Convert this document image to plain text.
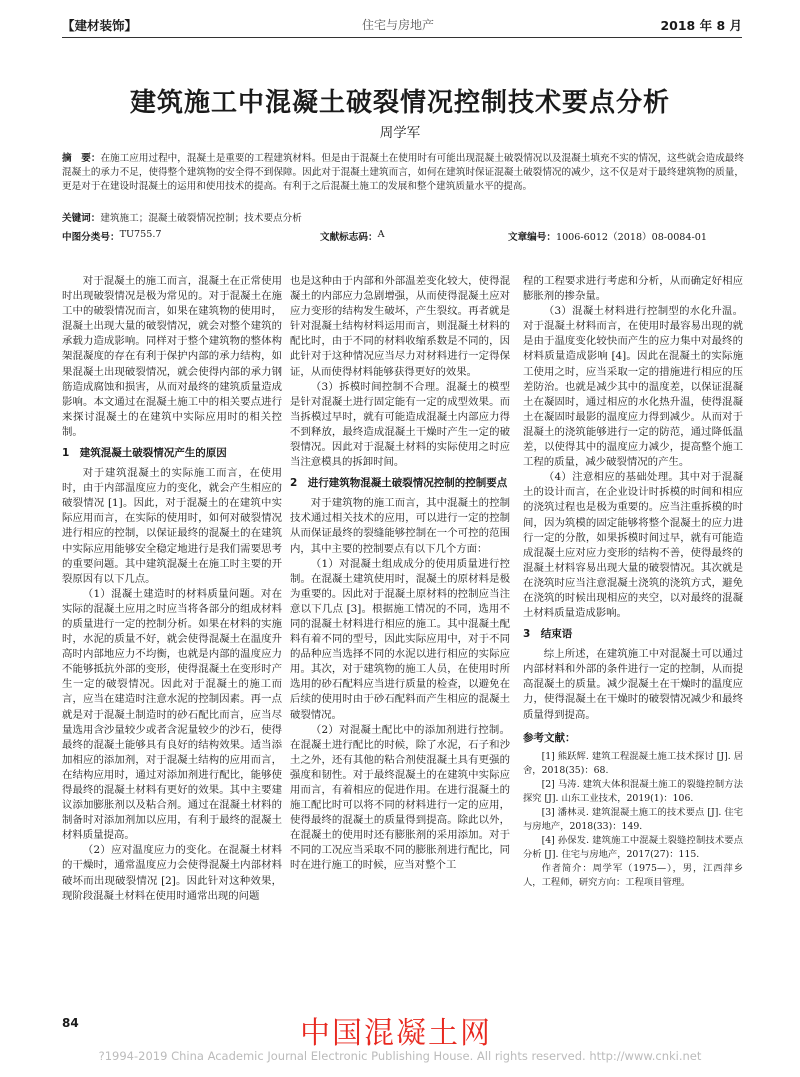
【建材装饰】	住宅与房地产	2018 年 8 月
建筑施工中混凝土破裂情况控制技术要点分析
周学军
摘　要：在施工应用过程中，混凝土是重要的工程建筑材料。但是由于混凝土在使用时有可能出现混凝土破裂情况以及混凝土填充不实的情况，这些就会造成最终混凝土的承力不足，使得整个建筑物的安全得不到保障。因此对于混凝土建筑而言，如何在建筑时保证混凝土破裂情况的减少，这不仅是对于最终建筑物的质量，更是对于在建设时混凝土的运用和使用技术的提高。有利于之后混凝土施工的发展和整个建筑质量水平的提高。
关键词：建筑施工；混凝土破裂情况控制；技术要点分析
中图分类号： TU755.7	文献标志码： A	文章编号： 1006-6012（2018）08-0084-01

对于混凝土的施工而言，混凝土在正常使用时出现破裂情况是极为常见的。对于混凝土在施工中的破裂情况而言，如果在建筑物的使用时，混凝土出现大量的破裂情况，就会对整个建筑的承载力造成影响。同样对于整个建筑物的整体构架混凝度的存在有利于保护内部的承力结构，如果混凝土出现破裂情况，就会使得内部的承力钢筋造成腐蚀和损害，从而对最终的建筑质量造成影响。本文通过在混凝土施工中的相关要点进行来探讨混凝土的在建筑中实际应用时的相关控制。

1　建筑混凝土破裂情况产生的原因

对于建筑混凝土的实际施工而言，在使用时，由于内部温度应力的变化，就会产生相应的破裂情况 [1]。因此，对于混凝土的在建筑中实际应用而言，在实际的使用时，如何对破裂情况进行相应的控制，以保证最终的混凝土的在建筑中实际应用能够安全稳定地进行是我们需要思考的重要问题。其中建筑混凝土在施工时主要的开裂原因有以下几点。

（1）混凝土建造时的材料质量问题。对在实际的混凝土应用之时应当将各部分的组成材料的质量进行一定的控制分析。如果在材料的实施时，水泥的质量不好，就会使得混凝土在温度升高时内部地应力不均衡，也就是内部的温度应力不能够抵抗外部的变形，使得混凝土在变形时产生一定的破裂情况。因此对于混凝土的施工而言，应当在建造时注意水泥的控制因素。再一点就是对于混凝土制造时的砂石配比而言，应当尽量选用含沙量较少或者含泥量较少的沙石，使得最终的混凝土能够具有良好的结构效果。适当添加相应的添加剂，对于混凝土结构的应用而言，在结构应用时，通过对添加剂进行配比，能够使得最终的混凝土材料有更好的效果。其中主要建议添加膨胀剂以及粘合剂。通过在混凝土材料的制备时对添加剂加以应用，有利于最终的混凝土材料质量提高。

（2）应对温度应力的变化。在混凝土材料的干燥时，通常温度应力会使得混凝土内部材料破坏而出现破裂情况 [2]。因此针对这种效果，现阶段混凝土材料在使用时通常出现的问题

也是这种由于内部和外部温差变化较大，使得混凝土的内部应力急剧增强，从而使得混凝土应对应力变形的结构发生破坏，产生裂纹。再者就是针对混凝土结构材料运用而言，则混凝土材料的配比时，由于不同的材料收缩系数是不同的，因此针对于这种情况应当尽力对材料进行一定得保证，从而使得材料能够获得更好的效果。

（3）拆模时间控制不合理。混凝土的模型是针对混凝土进行固定能有一定的成型效果。而当拆模过早时，就有可能造成混凝土内部应力得不到释放，最终造成混凝土干燥时产生一定的破裂情况。因此对于混凝土材料的实际使用之时应当注意模具的拆卸时间。

2　进行建筑物混凝土破裂情况控制的控制要点

对于建筑物的施工而言，其中混凝土的控制技术通过相关技术的应用，可以进行一定的控制从而保证最终的裂缝能够控制在一个可控的范围内，其中主要的控制要点有以下几个方面：

（1）对混凝土组成成分的使用质量进行控制。在混凝土建筑使用时，混凝土的原材料是极为重要的。因此对于混凝土原材料的控制应当注意以下几点 [3]。根据施工情况的不同，选用不同的混凝土材料进行相应的施工。其中混凝土配料有着不同的型号，因此实际应用中，对于不同的品种应当选择不同的水泥以进行相应的实际应用。其次，对于建筑物的施工人员，在使用时所选用的砂石配料应当进行质量的检查，以避免在后续的使用时由于砂石配料而产生相应的混凝土破裂情况。

（2）对混凝土配比中的添加剂进行控制。在混凝土进行配比的时候，除了水泥，石子和沙土之外，还有其他的粘合剂使混凝土具有更强的强度和韧性。对于最终混凝土的在建筑中实际应用而言，有着相应的促进作用。在进行混凝土的施工配比时可以将不同的材料进行一定的应用，使得最终的混凝土的质量得到提高。除此以外，在混凝土的使用时还有膨胀剂的采用添加。对于不同的工况应当采取不同的膨胀剂进行配比，同时在进行施工的时候，应当对整个工

程的工程要求进行考虑和分析，从而确定好相应膨胀剂的掺杂量。

（3）混凝土材料进行控制型的水化升温。对于混凝土材料而言，在使用时最容易出现的就是由于温度变化较快而产生的应力集中对最终的材料质量造成影响 [4]。因此在混凝土的实际施工使用之时，应当采取一定的措施进行相应的压差防治。也就是减少其中的温度差，以保证混凝土在凝固时，通过相应的水化热升温，使得混凝土在凝固时最影的温度应力得到减少。从而对于混凝土的浇筑能够进行一定的防范，通过降低温差，以使得其中的温度应力减少，提高整个施工工程的质量，减少破裂情况的产生。

（4）注意相应的基础处理。其中对于混凝土的设计而言，在企业设计时拆模的时间和相应的浇筑过程也是极为重要的。应当注重拆模的时间，因为筑模的固定能够将整个混凝土的应力进行一定的分散，如果拆模时间过早，就有可能造成混凝土应对应力变形的结构不善，使得最终的混凝土材料容易出现大量的破裂情况。其次就是在浇筑时应当注意混凝土浇筑的浇筑方式，避免在浇筑的时候出现相应的夹空，以对最终的混凝土材料质量造成影响。

3　结束语

综上所述，在建筑施工中对混凝土可以通过内部材料和外部的条件进行一定的控制，从而提高混凝土的质量。减少混凝土在干燥时的温度应力，使得混凝土在干燥时的破裂情况减少和最终质量得到提高。

参考文献：

[1] 熊跃辉. 建筑工程混凝土施工技术探讨 [J]. 居舍，2018(35)：68.

[2] 马涛. 建筑大体积混凝土施工的裂缝控制方法探究 [J]. 山东工业技术，2019(1)：106.

[3] 潘林灵. 建筑混凝土施工的技术要点 [J]. 住宅与房地产，2018(33)：149.

[4] 孙保发. 建筑施工中混凝土裂缝控制技术要点分析 [J]. 住宅与房地产，2017(27)：115.

作者简介：周学军（1975—），男，江西萍乡人，工程师，研究方向：工程项目管理。

84	中国混凝土网
?1994-2019 China Academic Journal Electronic Publishing House. All rights reserved. http://www.cnki.net
